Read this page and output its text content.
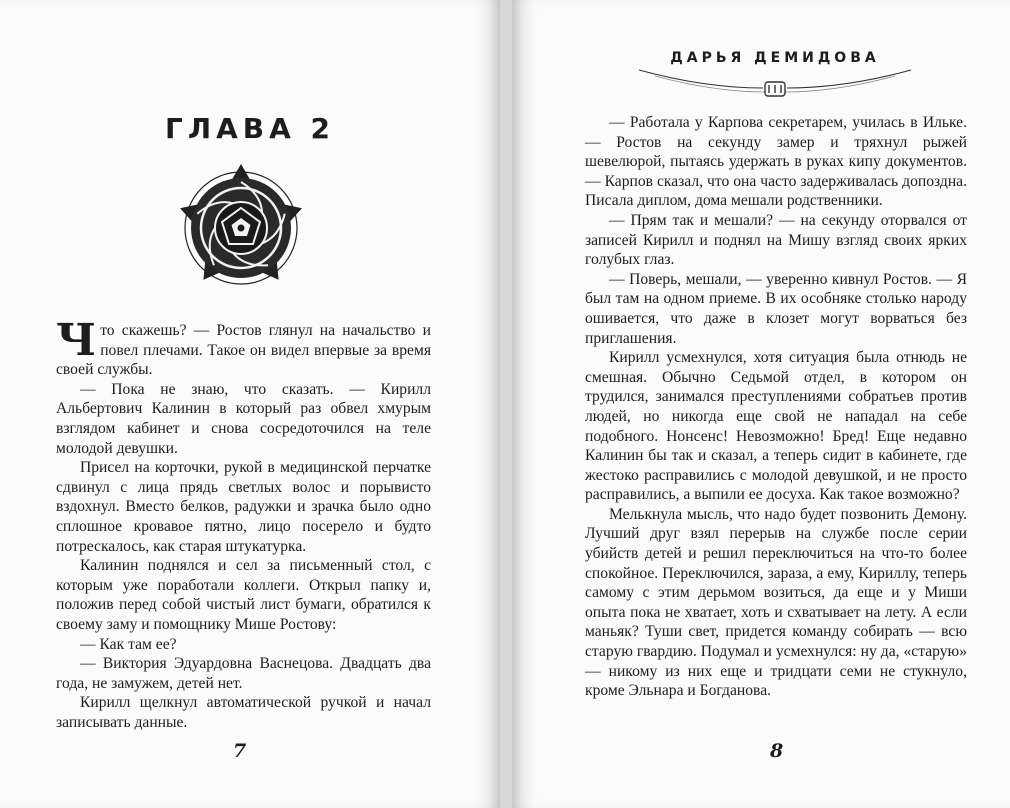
ГЛАВА 2

Что скажешь? — Ростов глянул на начальство и повел плечами. Такое он видел впервые за время своей службы.

— Пока не знаю, что сказать. — Кирилл Альбертович Калинин в который раз обвел хмурым взглядом кабинет и снова сосредоточился на теле молодой девушки.

Присел на корточки, рукой в медицинской перчатке сдвинул с лица прядь светлых волос и порывисто вздохнул. Вместо белков, радужки и зрачка было одно сплошное кровавое пятно, лицо посерело и будто потрескалось, как старая штукатурка.

Калинин поднялся и сел за письменный стол, с которым уже поработали коллеги. Открыл папку и, положив перед собой чистый лист бумаги, обратился к своему заму и помощнику Мише Ростову:

— Как там ее?

— Виктория Эдуардовна Васнецова. Двадцать два года, не замужем, детей нет.

Кирилл щелкнул автоматической ручкой и начал записывать данные.

7
ДАРЬЯ ДЕМИДОВА

— Работала у Карпова секретарем, училась в Ильке. — Ростов на секунду замер и тряхнул рыжей шевелюрой, пытаясь удержать в руках кипу документов. — Карпов сказал, что она часто задерживалась допоздна. Писала диплом, дома мешали родственники.

— Прям так и мешали? — на секунду оторвался от записей Кирилл и поднял на Мишу взгляд своих ярких голубых глаз.

— Поверь, мешали, — уверенно кивнул Ростов. — Я был там на одном приеме. В их особняке столько народу ошивается, что даже в клозет могут ворваться без приглашения.

Кирилл усмехнулся, хотя ситуация была отнюдь не смешная. Обычно Седьмой отдел, в котором он трудился, занимался преступлениями собратьев против людей, но никогда еще свой не нападал на себе подобного. Нонсенс! Невозможно! Бред! Еще недавно Калинин бы так и сказал, а теперь сидит в кабинете, где жестоко расправились с молодой девушкой, и не просто расправились, а выпили ее досуха. Как такое возможно?

Мелькнула мысль, что надо будет позвонить Демону. Лучший друг взял перерыв на службе после серии убийств детей и решил переключиться на что-то более спокойное. Переключился, зараза, а ему, Кириллу, теперь самому с этим дерьмом возиться, да еще и у Миши опыта пока не хватает, хоть и схватывает на лету. А если маньяк? Туши свет, придется команду собирать — всю старую гвардию. Подумал и усмехнулся: ну да, «старую» — никому из них еще и тридцати семи не стукнуло, кроме Эльнара и Богданова.

8
